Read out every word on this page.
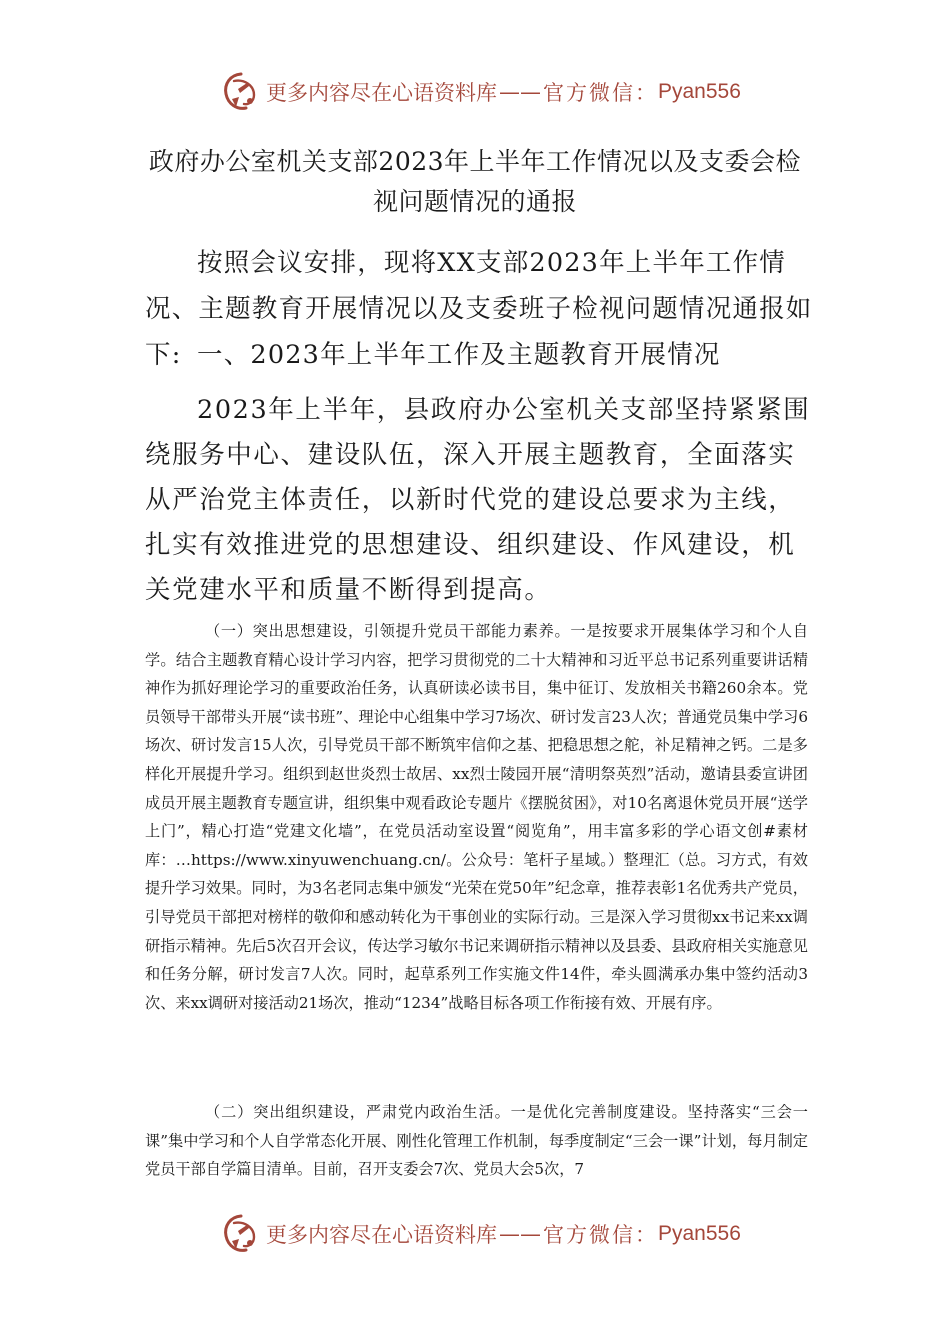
更多内容尽在心语资料库 —— 官方微信： Pyan556
政府办公室机关支部2023年上半年工作情况以及支委会检视问题情况的通报
按照会议安排，现将XX支部2023年上半年工作情况、主题教育开展情况以及支委班子检视问题情况通报如下: 一、2023年上半年工作及主题教育开展情况
2023年上半年，县政府办公室机关支部坚持紧紧围绕服务中心、建设队伍，深入开展主题教育，全面落实从严治党主体责任，以新时代党的建设总要求为主线，扎实有效推进党的思想建设、组织建设、作风建设，机关党建水平和质量不断得到提高。
（一）突出思想建设，引领提升党员干部能力素养。一是按要求开展集体学习和个人自学。结合主题教育精心设计学习内容，把学习贯彻党的二十大精神和习近平总书记系列重要讲话精神作为抓好理论学习的重要政治任务，认真研读必读书目，集中征订、发放相关书籍260余本。党员领导干部带头开展“读书班”、理论中心组集中学习7场次、研讨发言23人次；普通党员集中学习6场次、研讨发言15人次，引导党员干部不断筑牢信仰之基、把稳思想之舵，补足精神之钙。二是多样化开展提升学习。组织到赵世炎烈士故居、xx烈士陵园开展“清明祭英烈”活动，邀请县委宣讲团成员开展主题教育专题宣讲，组织集中观看政论专题片《摆脱贫困》，对10名离退休党员开展“送学上门”，精心打造“党建文化墙”，在党员活动室设置“阅览角”，用丰富多彩的学心语文创#素材库：…https://www.xinyuwenchuang.cn/。公众号：笔杆子星域。）整理汇（总。习方式，有效提升学习效果。同时，为3名老同志集中颁发“光荣在党50年”纪念章，推荐表彰1名优秀共产党员，引导党员干部把对榜样的敬仰和感动转化为干事创业的实际行动。三是深入学习贯彻xx书记来xx调研指示精神。先后5次召开会议，传达学习敏尔书记来调研指示精神以及县委、县政府相关实施意见和任务分解，研讨发言7人次。同时，起草系列工作实施文件14件，牵头圆满承办集中签约活动3次、来xx调研对接活动21场次，推动“1234”战略目标各项工作衔接有效、开展有序。
（二）突出组织建设，严肃党内政治生活。一是优化完善制度建设。坚持落实“三会一课”集中学习和个人自学常态化开展、刚性化管理工作机制，每季度制定“三会一课”计划，每月制定党员干部自学篇目清单。目前，召开支委会7次、党员大会5次，7
更多内容尽在心语资料库 —— 官方微信： Pyan556
